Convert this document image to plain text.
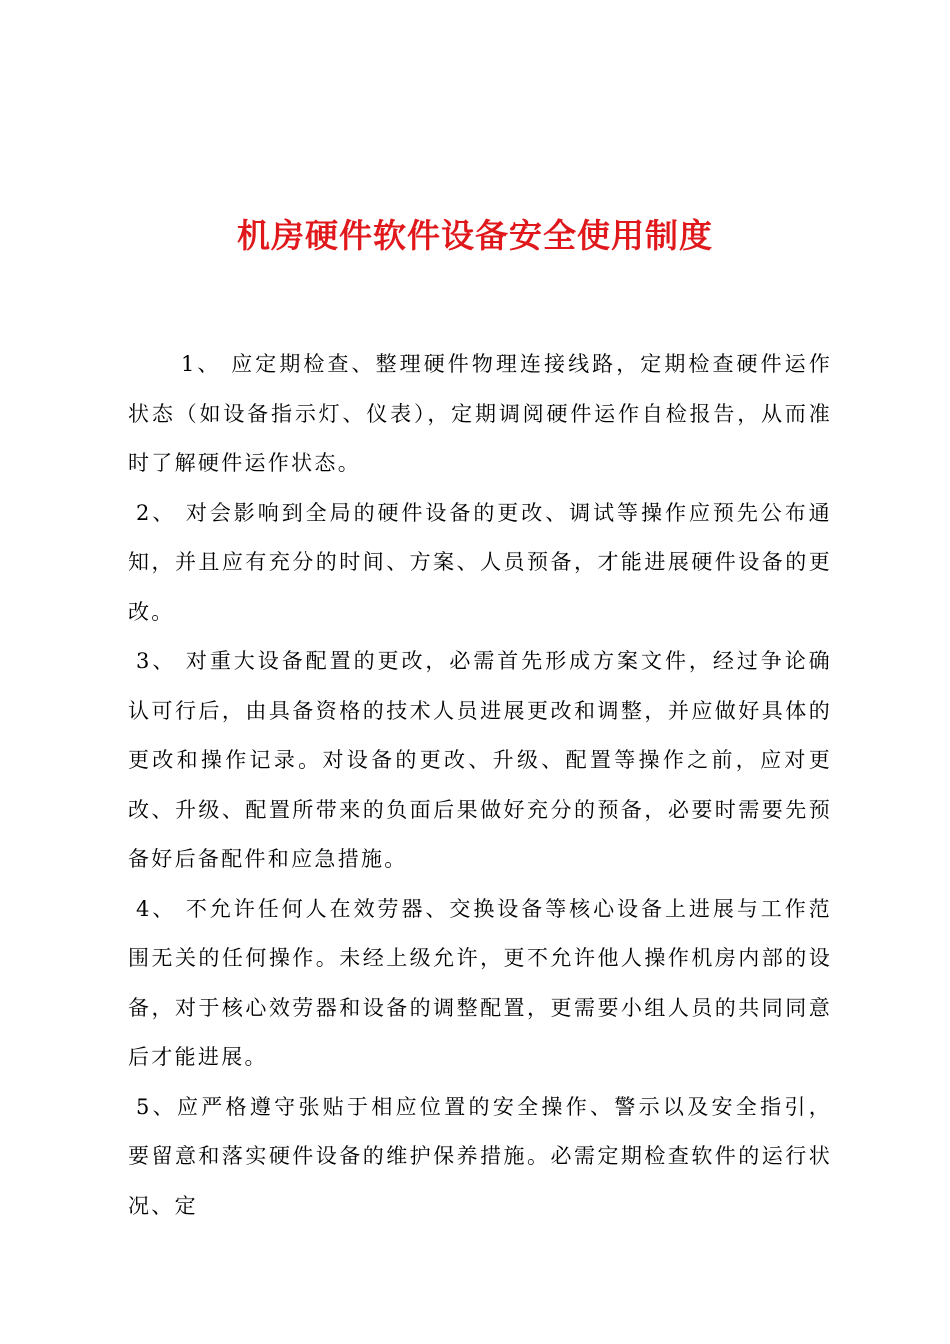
机房硬件软件设备安全使用制度

1、 应定期检查、整理硬件物理连接线路，定期检查硬件运作状态（如设备指示灯、仪表），定期调阅硬件运作自检报告，从而准时了解硬件运作状态。

2、 对会影响到全局的硬件设备的更改、调试等操作应预先公布通知，并且应有充分的时间、方案、人员预备，才能进展硬件设备的更改。

3、 对重大设备配置的更改，必需首先形成方案文件，经过争论确认可行后，由具备资格的技术人员进展更改和调整，并应做好具体的更改和操作记录。对设备的更改、升级、配置等操作之前，应对更改、升级、配置所带来的负面后果做好充分的预备，必要时需要先预备好后备配件和应急措施。

4、 不允许任何人在效劳器、交换设备等核心设备上进展与工作范围无关的任何操作。未经上级允许，更不允许他人操作机房内部的设备，对于核心效劳器和设备的调整配置，更需要小组人员的共同同意后才能进展。

5、应严格遵守张贴于相应位置的安全操作、警示以及安全指引， 要留意和落实硬件设备的维护保养措施。必需定期检查软件的运行状况、定
